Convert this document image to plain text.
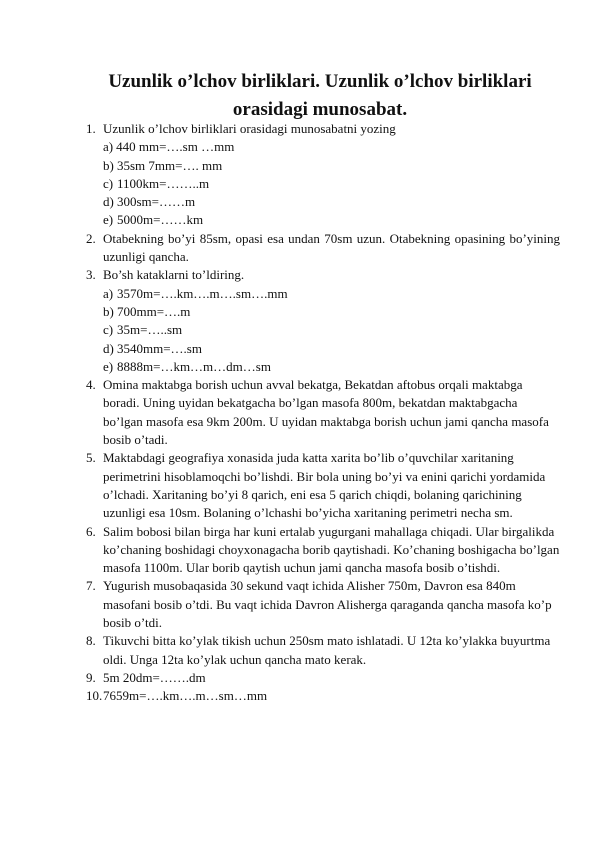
Uzunlik o’lchov birliklari. Uzunlik o’lchov birliklari
orasidagi munosabat.
1. Uzunlik o’lchov birliklari orasidagi munosabatni yozing
a) 440 mm=….sm …mm
b) 35sm 7mm=…. mm
c) 1100km=……..m
d) 300sm=……m
e) 5000m=……km
2. Otabekning bo’yi 85sm, opasi esa undan 70sm uzun. Otabekning opasining bo’yining uzunligi qancha.
3. Bo’sh kataklarni to’ldiring.
a) 3570m=….km….m….sm….mm
b) 700mm=….m
c) 35m=…..sm
d) 3540mm=….sm
e) 8888m=…km…m…dm…sm
4. Omina maktabga borish uchun avval bekatga, Bekatdan aftobus orqali maktabga boradi. Uning uyidan bekatgacha bo’lgan masofa 800m, bekatdan maktabgacha bo’lgan masofa esa 9km 200m. U uyidan maktabga borish uchun jami qancha masofa bosib o’tadi.
5. Maktabdagi geografiya xonasida juda katta xarita bo’lib o’quvchilar xaritaning perimetrini hisoblamoqchi bo’lishdi. Bir bola uning bo’yi va enini qarichi yordamida o’lchadi. Xaritaning bo’yi 8 qarich, eni esa 5 qarich chiqdi, bolaning qarichining uzunligi esa 10sm. Bolaning o’lchashi bo’yicha xaritaning perimetri necha sm.
6. Salim bobosi bilan birga har kuni ertalab yugurgani mahallaga chiqadi. Ular birgalikda ko’chaning boshidagi choyxonagacha borib qaytishadi. Ko’chaning boshigacha bo’lgan masofa 1100m. Ular borib qaytish uchun jami qancha masofa bosib o’tishdi.
7. Yugurish musobaqasida 30 sekund vaqt ichida Alisher 750m, Davron esa 840m masofani bosib o’tdi. Bu vaqt ichida Davron Alisherga qaraganda qancha masofa ko’p bosib o’tdi.
8. Tikuvchi bitta ko’ylak tikish uchun 250sm mato ishlatadi. U 12ta ko’ylakka buyurtma oldi. Unga 12ta ko’ylak uchun qancha mato kerak.
9. 5m 20dm=…….dm
10. 7659m=….km….m…sm…mm
